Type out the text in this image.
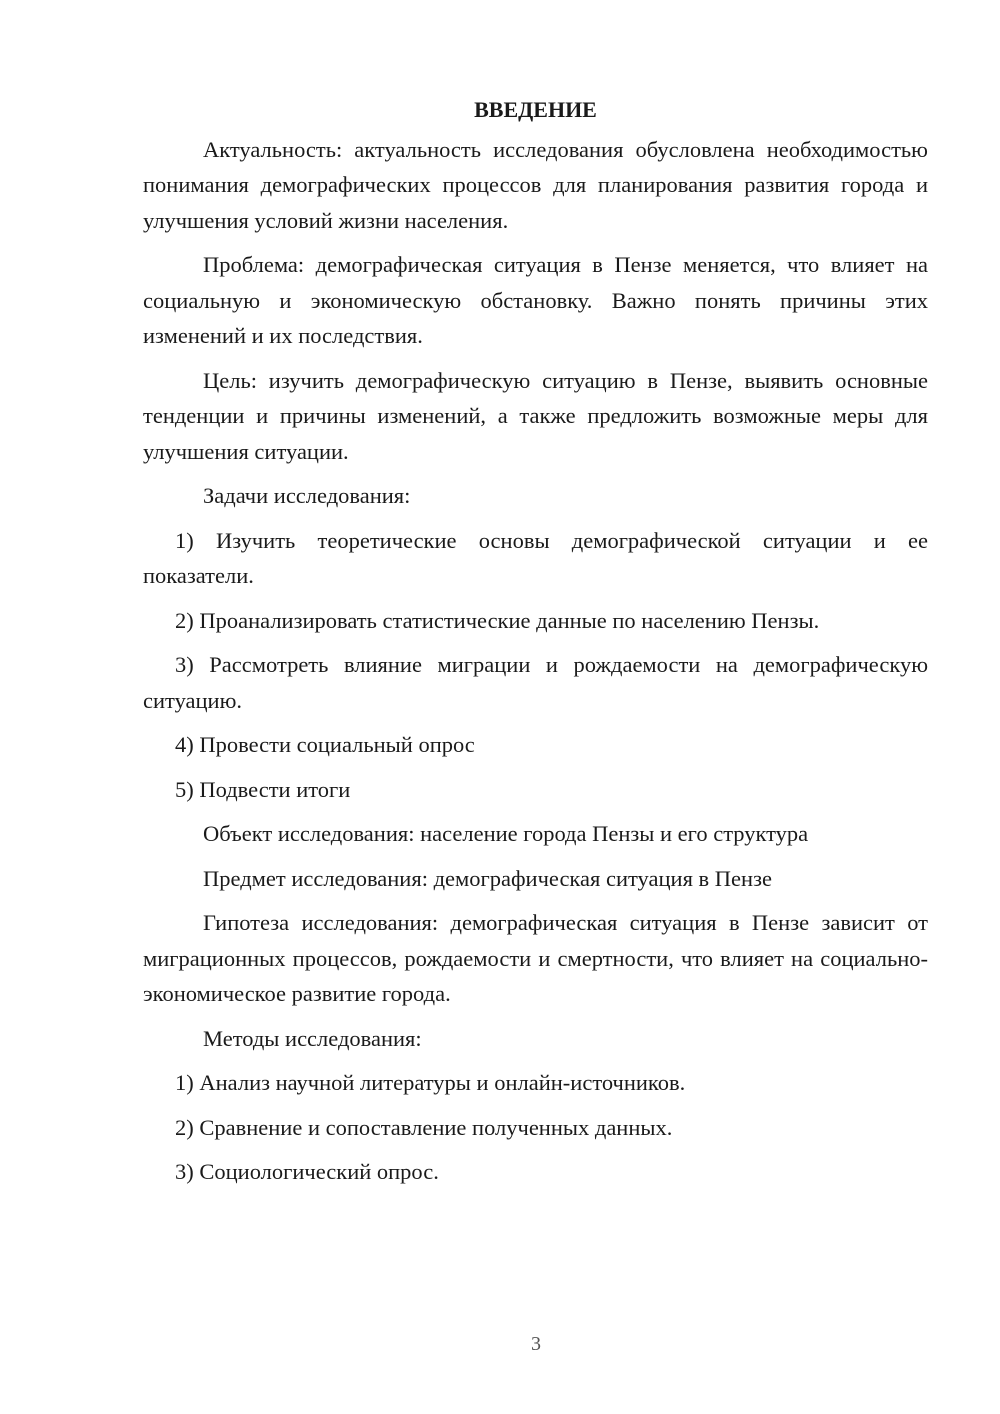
ВВЕДЕНИЕ

Актуальность: актуальность исследования обусловлена необходимостью понимания демографических процессов для планирования развития города и улучшения условий жизни населения.

Проблема: демографическая ситуация в Пензе меняется, что влияет на социальную и экономическую обстановку. Важно понять причины этих изменений и их последствия.

Цель: изучить демографическую ситуацию в Пензе, выявить основные тенденции и причины изменений, а также предложить возможные меры для улучшения ситуации.

Задачи исследования:

1) Изучить теоретические основы демографической ситуации и ее показатели.

2) Проанализировать статистические данные по населению Пензы.

3) Рассмотреть влияние миграции и рождаемости на демографическую ситуацию.

4) Провести социальный опрос

5) Подвести итоги

Объект исследования: население города Пензы и его структура

Предмет исследования: демографическая ситуация в Пензе

Гипотеза исследования: демографическая ситуация в Пензе зависит от миграционных процессов, рождаемости и смертности, что влияет на социально-экономическое развитие города.

Методы исследования:

1) Анализ научной литературы и онлайн-источников.

2) Сравнение и сопоставление полученных данных.

3) Социологический опрос.

3
